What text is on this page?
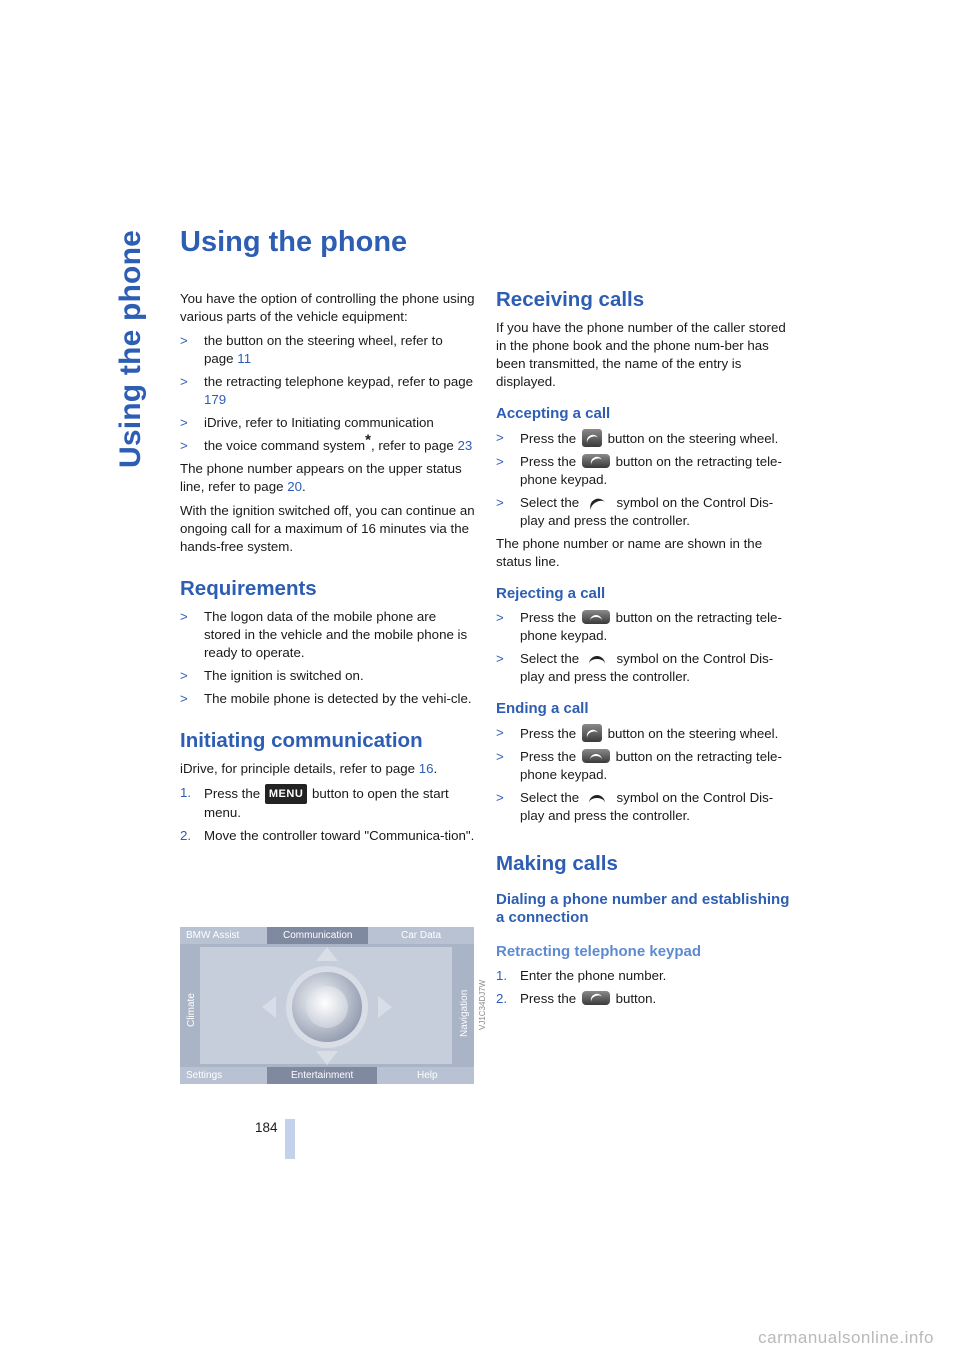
Using the phone Using the phone

You have the option of controlling the phone using various parts of the vehicle equipment:

> the button on the steering wheel, refer to page 11
> the retracting telephone keypad, refer to page 179
> iDrive, refer to Initiating communication
> the voice command system*, refer to page 23

The phone number appears on the upper status line, refer to page 20.

With the ignition switched off, you can continue an ongoing call for a maximum of 16 minutes via the hands-free system.

Requirements
> The logon data of the mobile phone are stored in the vehicle and the mobile phone is ready to operate.
> The ignition is switched on.
> The mobile phone is detected by the vehi-cle.
Initiating communication

iDrive, for principle details, refer to page 16.

1. Press the MENU button to open the start menu.
2. Move the controller toward "Communica-tion".
BMW Assist	Communication	Car Data
Climate	Navigation
Settings	Entertainment	Help
VJ1C34DJ7W
Receiving calls

If you have the phone number of the caller stored in the phone book and the phone num-ber has been transmitted, the name of the entry is displayed.

Accepting a call
> Press the  button on the steering wheel.
> Press the  button on the retracting tele-phone keypad.
> Select the  symbol on the Control Dis-play and press the controller.

The phone number or name are shown in the status line.

Rejecting a call
> Press the  button on the retracting tele-phone keypad.
> Select the  symbol on the Control Dis-play and press the controller.
Ending a call
> Press the  button on the steering wheel.
> Press the  button on the retracting tele-phone keypad.
> Select the  symbol on the Control Dis-play and press the controller.
Making calls
Dialing a phone number and establishing a connection
Retracting telephone keypad
1. Enter the phone number.
2. Press the  button.
184
carmanualsonline.info
